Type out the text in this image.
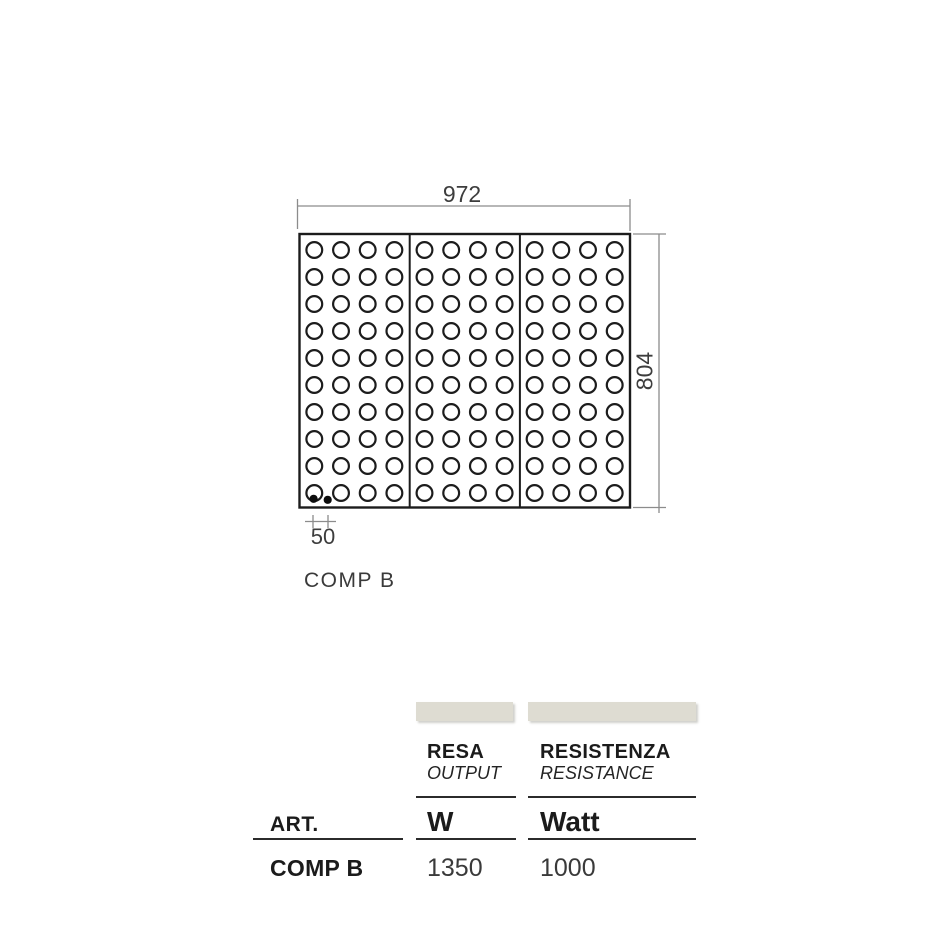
972
804
50
COMP B
RESA
OUTPUT
RESISTENZA
RESISTANCE
ART.	W	Watt
COMP B	1350 1000
